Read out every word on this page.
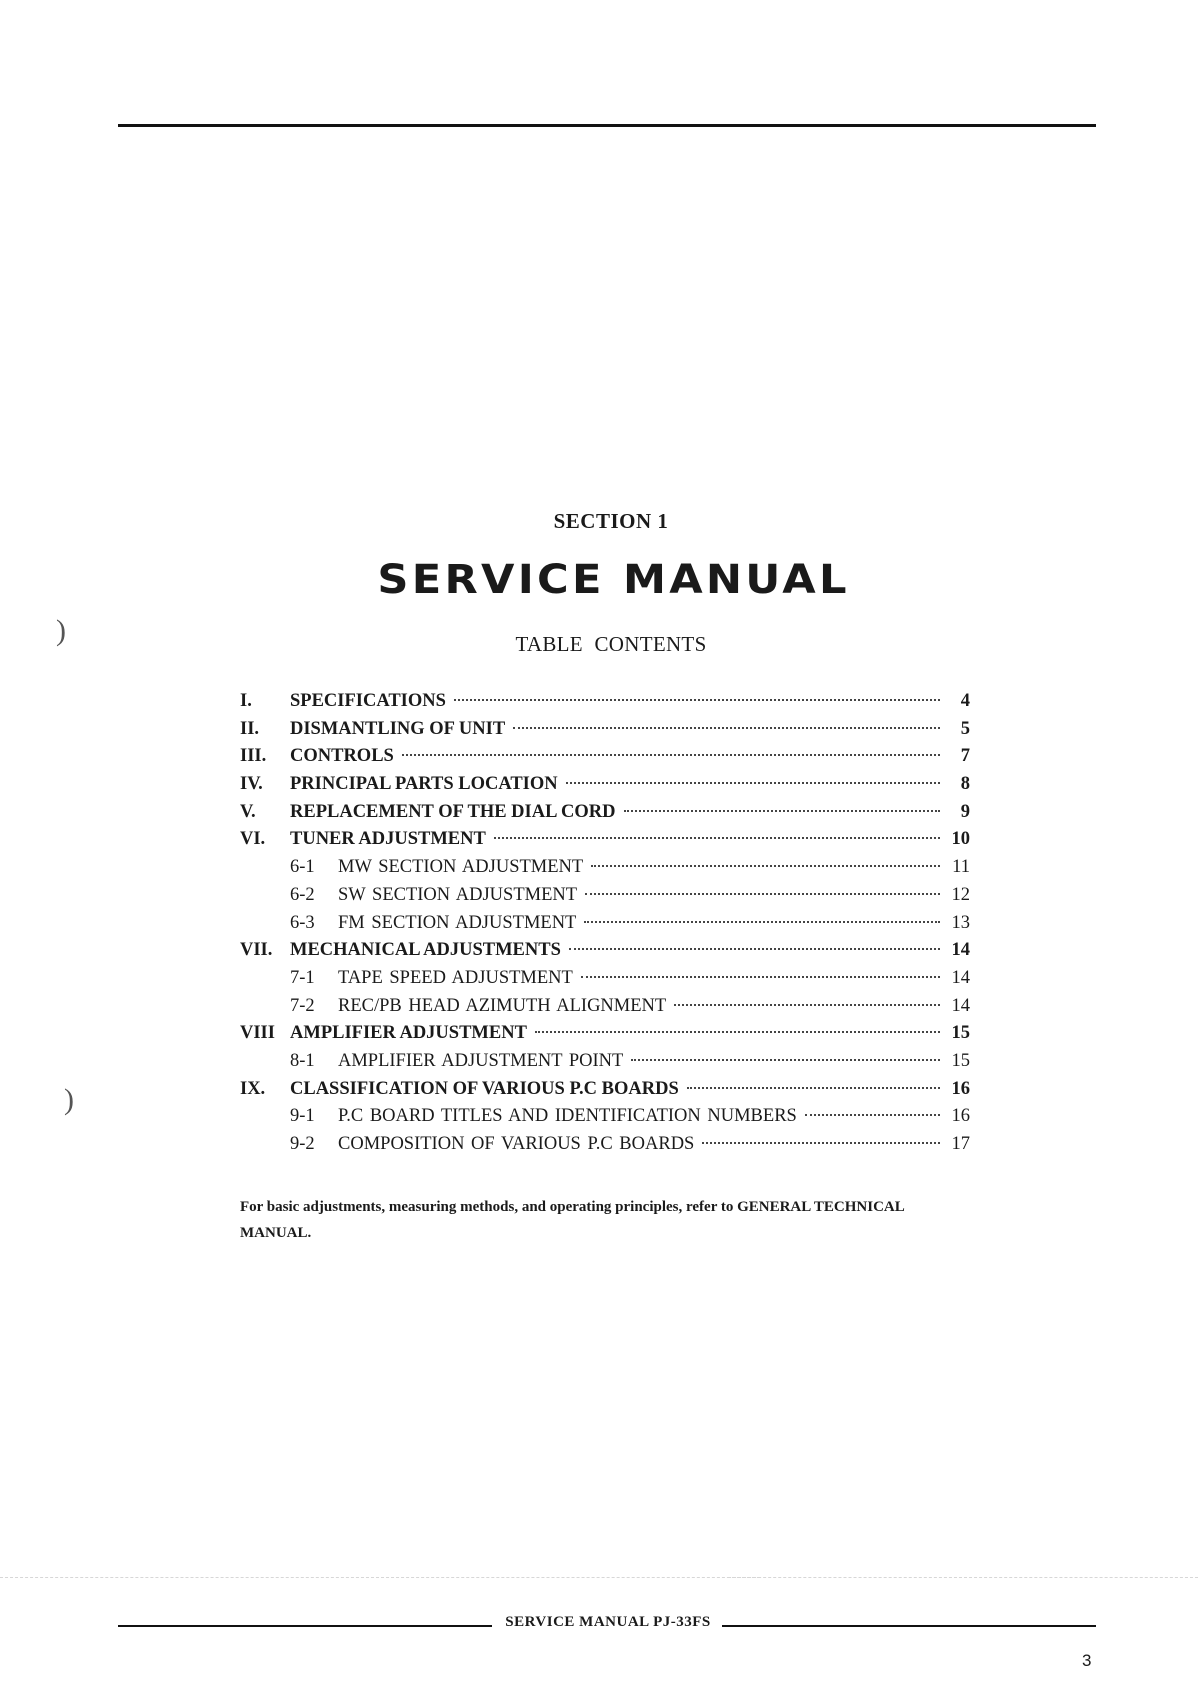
)
)
SECTION 1
SERVICE MANUAL
TABLE CONTENTS
I. SPECIFICATIONS	4
II. DISMANTLING OF UNIT	5
III. CONTROLS	7
IV. PRINCIPAL PARTS LOCATION	8
V. REPLACEMENT OF THE DIAL CORD	9
VI. TUNER ADJUSTMENT	10
6-1	MW SECTION ADJUSTMENT	11
6-2	SW SECTION ADJUSTMENT	12
6-3	FM SECTION ADJUSTMENT	13
VII. MECHANICAL ADJUSTMENTS	14
7-1	TAPE SPEED ADJUSTMENT	14
7-2	REC/PB HEAD AZIMUTH ALIGNMENT	14
VIII AMPLIFIER ADJUSTMENT	15
8-1	AMPLIFIER ADJUSTMENT POINT	15
IX. CLASSIFICATION OF VARIOUS P.C BOARDS	16
9-1	P.C BOARD TITLES AND IDENTIFICATION NUMBERS	16
9-2	COMPOSITION OF VARIOUS P.C BOARDS	17
For basic adjustments, measuring methods, and operating principles, refer to GENERAL TECHNICAL MANUAL.
SERVICE MANUAL PJ-33FS
3
